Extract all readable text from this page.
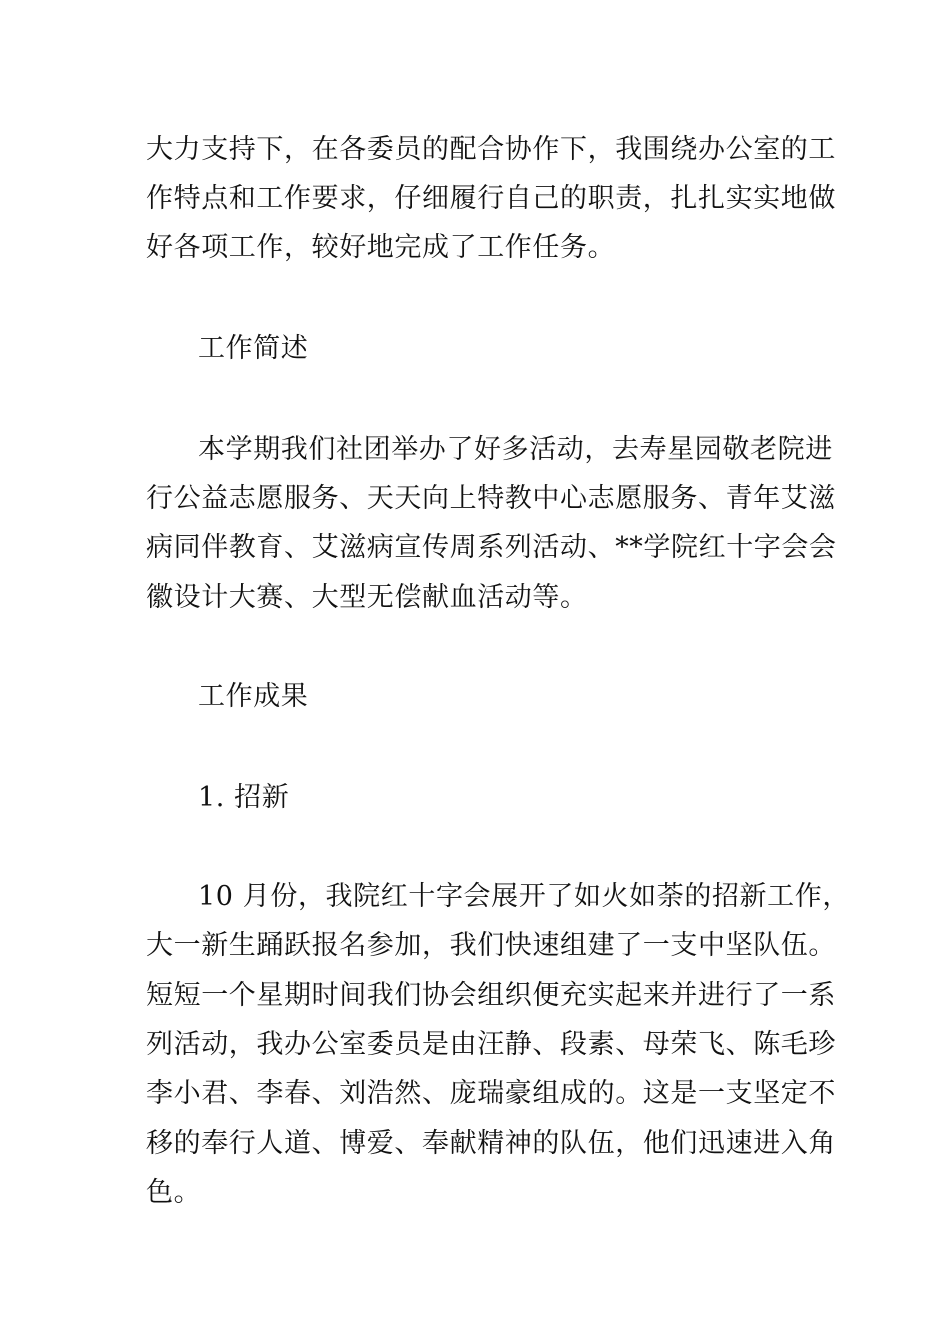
大力支持下，在各委员的配合协作下，我围绕办公室的工
作特点和工作要求，仔细履行自己的职责，扎扎实实地做
好各项工作，较好地完成了工作任务。
工作简述
本学期我们社团举办了好多活动，去寿星园敬老院进
行公益志愿服务、天天向上特教中心志愿服务、青年艾滋
病同伴教育、艾滋病宣传周系列活动、**学院红十字会会
徽设计大赛、大型无偿献血活动等。
工作成果
1. 招新
10 月份，我院红十字会展开了如火如荼的招新工作，
大一新生踊跃报名参加，我们快速组建了一支中坚队伍。
短短一个星期时间我们协会组织便充实起来并进行了一系
列活动，我办公室委员是由汪静、段素、母荣飞、陈毛珍
李小君、李春、刘浩然、庞瑞豪组成的。这是一支坚定不
移的奉行人道、博爱、奉献精神的队伍，他们迅速进入角
色。
